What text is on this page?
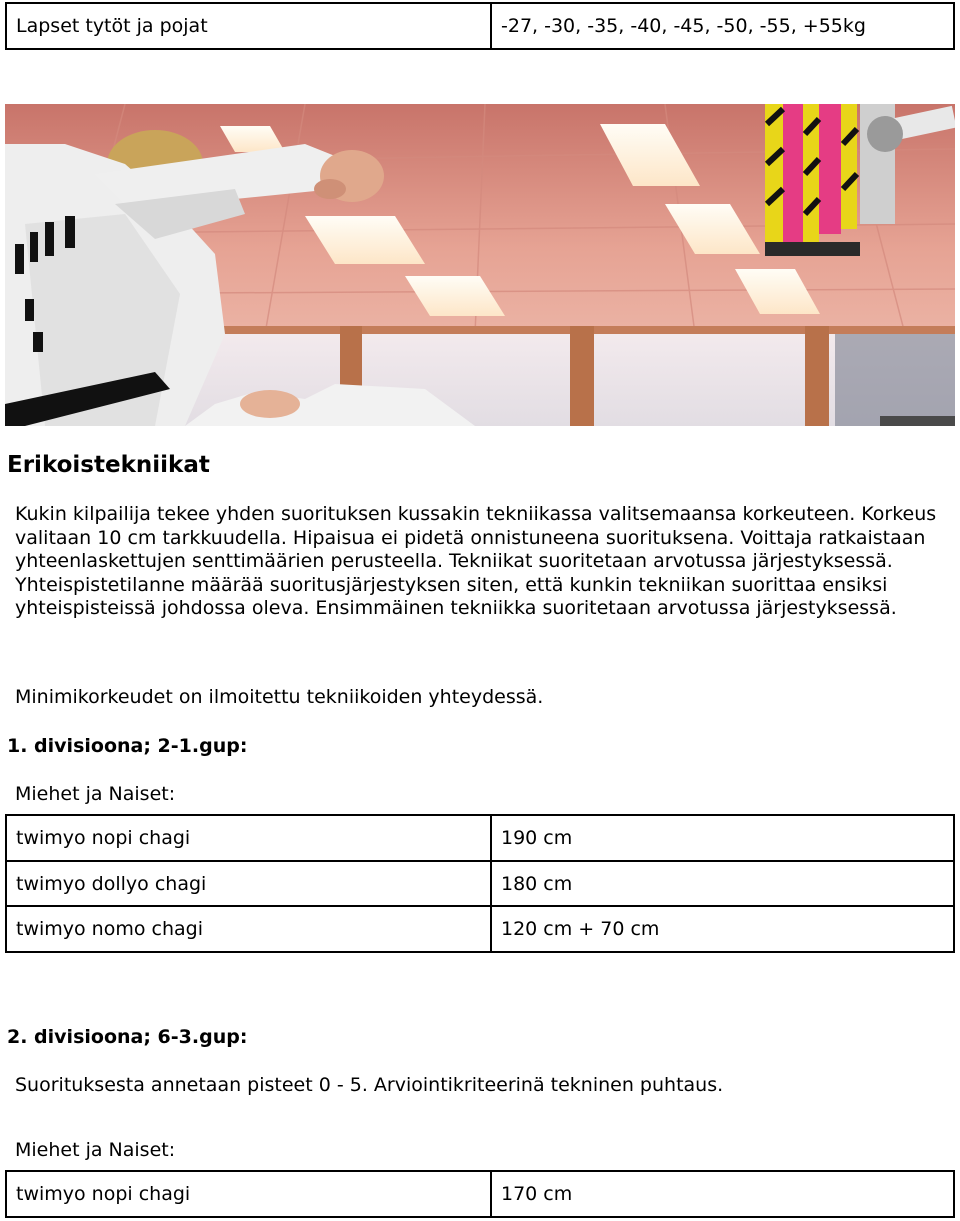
Lapset tytöt ja pojat	-27, -30, -35, -40, -45, -50, -55, +55kg
Erikoistekniikat

Kukin kilpailija tekee yhden suorituksen kussakin tekniikassa valitsemaansa korkeuteen. Korkeus valitaan 10 cm tarkkuudella. Hipaisua ei pidetä onnistuneena suorituksena. Voittaja ratkaistaan yhteenlaskettujen senttimäärien perusteella. Tekniikat suoritetaan arvotussa järjestyksessä. Yhteispistetilanne määrää suoritusjärjestyksen siten, että kunkin tekniikan suorittaa ensiksi yhteispisteissä johdossa oleva. Ensimmäinen tekniikka suoritetaan arvotussa järjestyksessä.

Minimikorkeudet on ilmoitettu tekniikoiden yhteydessä.

1. divisioona; 2-1.gup:

Miehet ja Naiset:

twimyo nopi chagi	190 cm
twimyo dollyo chagi	180 cm
twimyo nomo chagi	120 cm + 70 cm
2. divisioona; 6-3.gup:

Suorituksesta annetaan pisteet 0 - 5. Arviointikriteerinä tekninen puhtaus.

Miehet ja Naiset:

twimyo nopi chagi	170 cm
